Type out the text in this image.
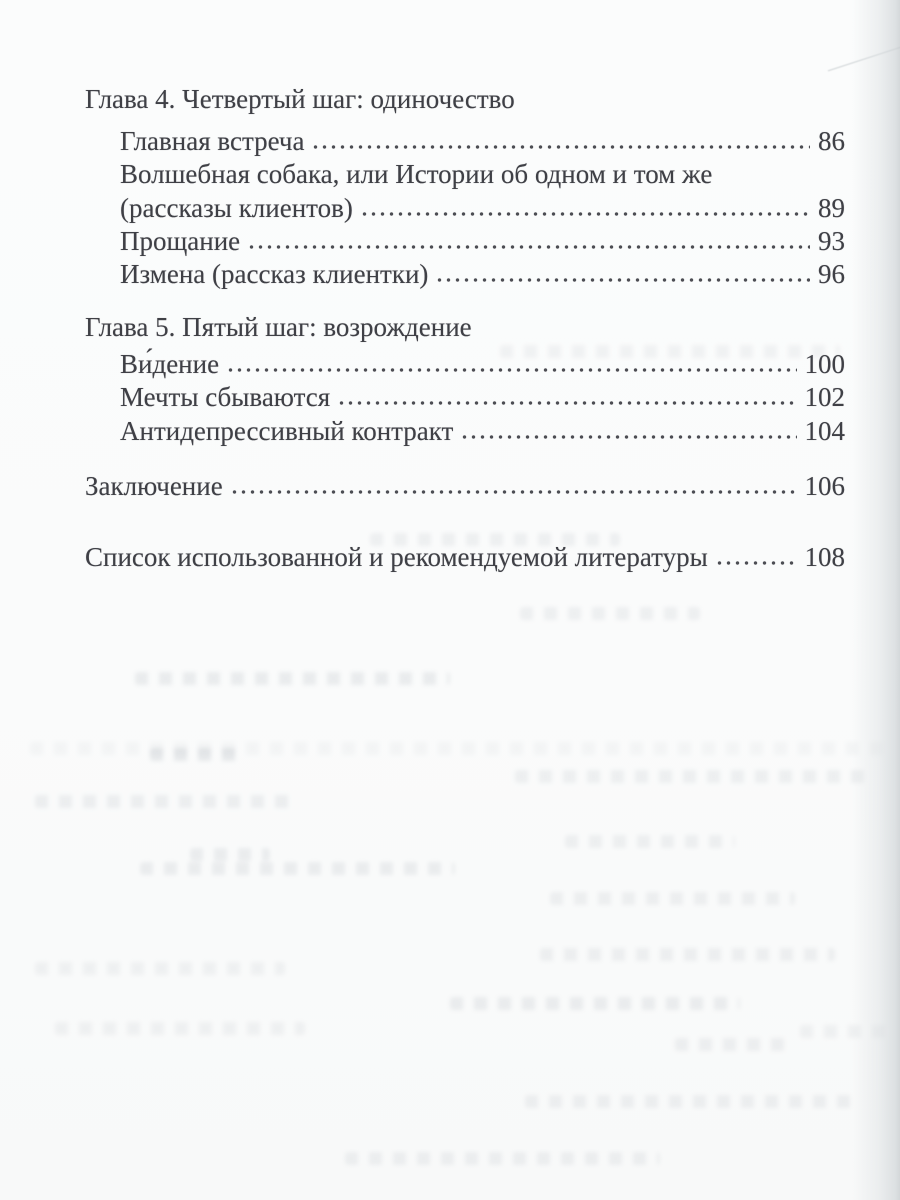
Глава 4. Четвертый шаг: одиночество
Главная встреча	86
Волшебная собака, или Истории об одном и том же
(рассказы клиентов)	89
Прощание	93
Измена (рассказ клиентки)	96
Глава 5. Пятый шаг: возрождение
Ви́дение	100
Мечты сбываются	102
Антидепрессивный контракт	104
Заключение	106
Список использованной и рекомендуемой литературы	108
